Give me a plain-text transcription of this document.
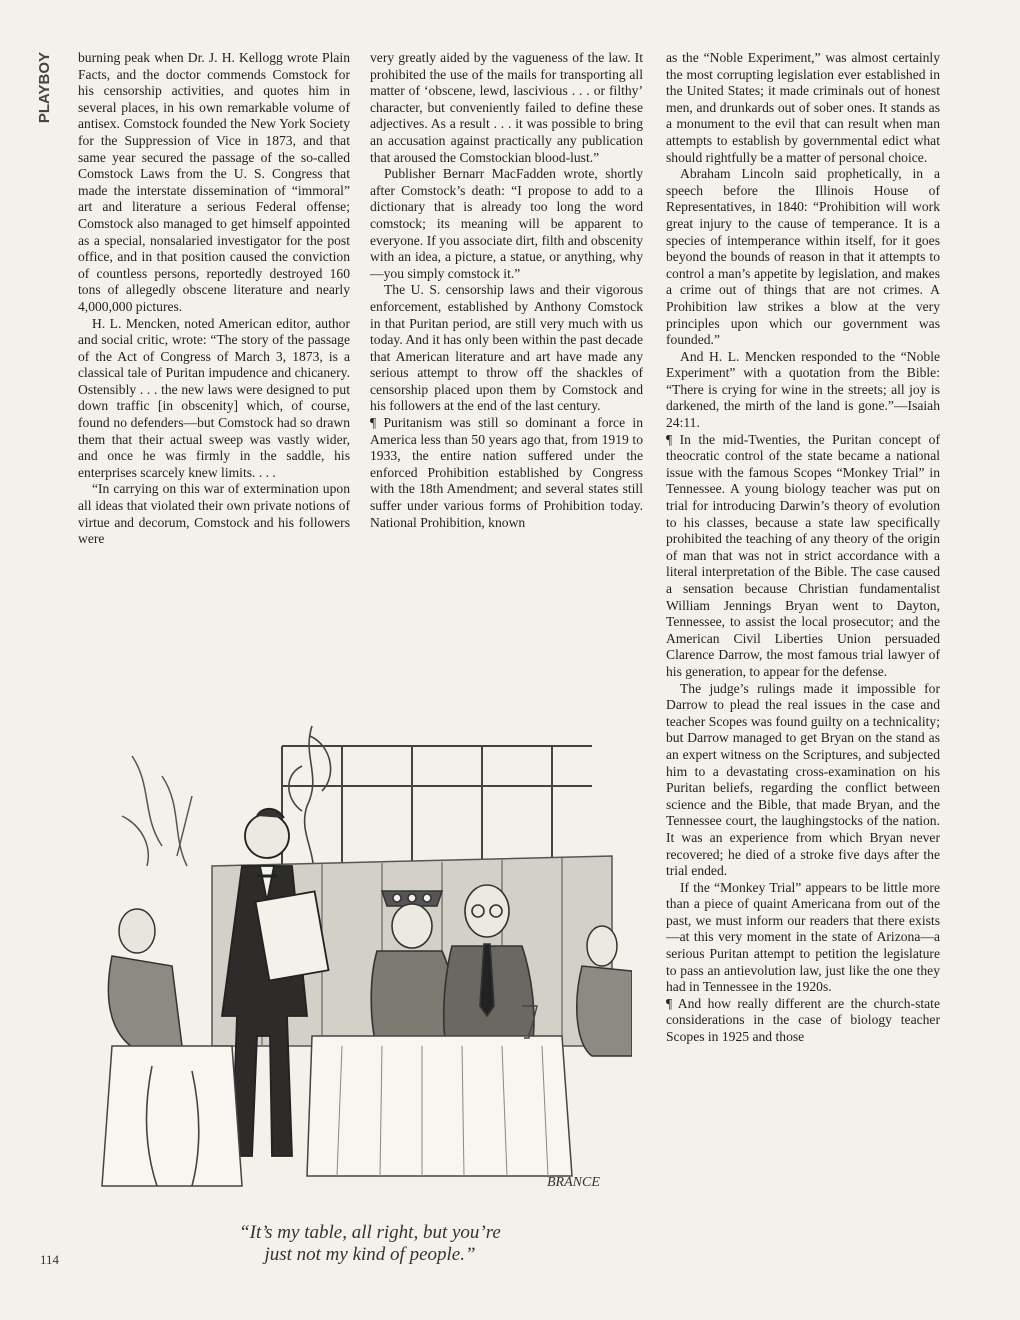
PLAYBOY burning peak when Dr. J. H. Kellogg wrote Plain Facts, and the doctor commends Comstock for his censorship activities, and quotes him in several places, in his own remarkable volume of antisex. Comstock founded the New York Society for the Suppression of Vice in 1873, and that same year secured the passage of the so-called Comstock Laws from the U. S. Congress that made the interstate dissemination of “immoral” art and literature a serious Federal offense; Comstock also managed to get himself appointed as a special, nonsalaried investigator for the post office, and in that position caused the conviction of countless persons, reportedly destroyed 160 tons of allegedly obscene literature and nearly 4,000,000 pictures.

H. L. Mencken, noted American editor, author and social critic, wrote: “The story of the passage of the Act of Congress of March 3, 1873, is a classical tale of Puritan impudence and chicanery. Ostensibly . . . the new laws were designed to put down traffic [in obscenity] which, of course, found no defenders—but Comstock had so drawn them that their actual sweep was vastly wider, and once he was firmly in the saddle, his enterprises scarcely knew limits. . . .

“In carrying on this war of extermination upon all ideas that violated their own private notions of virtue and decorum, Comstock and his followers were

very greatly aided by the vagueness of the law. It prohibited the use of the mails for transporting all matter of ‘obscene, lewd, lascivious . . . or filthy’ character, but conveniently failed to define these adjectives. As a result . . . it was possible to bring an accusation against practically any publication that aroused the Comstockian blood-lust.”

Publisher Bernarr MacFadden wrote, shortly after Comstock’s death: “I propose to add to a dictionary that is already too long the word comstock; its meaning will be apparent to everyone. If you associate dirt, filth and obscenity with an idea, a picture, a statue, or anything, why—you simply comstock it.”

The U. S. censorship laws and their vigorous enforcement, established by Anthony Comstock in that Puritan period, are still very much with us today. And it has only been within the past decade that American literature and art have made any serious attempt to throw off the shackles of censorship placed upon them by Comstock and his followers at the end of the last century.

¶ Puritanism was still so dominant a force in America less than 50 years ago that, from 1919 to 1933, the entire nation suffered under the enforced Prohibition established by Congress with the 18th Amendment; and several states still suffer under various forms of Prohibition today. National Prohibition, known

as the “Noble Experiment,” was almost certainly the most corrupting legislation ever established in the United States; it made criminals out of honest men, and drunkards out of sober ones. It stands as a monument to the evil that can result when man attempts to establish by governmental edict what should rightfully be a matter of personal choice.

Abraham Lincoln said prophetically, in a speech before the Illinois House of Representatives, in 1840: “Prohibition will work great injury to the cause of temperance. It is a species of intemperance within itself, for it goes beyond the bounds of reason in that it attempts to control a man’s appetite by legislation, and makes a crime out of things that are not crimes. A Prohibition law strikes a blow at the very principles upon which our government was founded.”

And H. L. Mencken responded to the “Noble Experiment” with a quotation from the Bible: “There is crying for wine in the streets; all joy is darkened, the mirth of the land is gone.”—Isaiah 24:11.

¶ In the mid-Twenties, the Puritan concept of theocratic control of the state became a national issue with the famous Scopes “Monkey Trial” in Tennessee. A young biology teacher was put on trial for introducing Darwin’s theory of evolution to his classes, because a state law specifically prohibited the teaching of any theory of the origin of man that was not in strict accordance with a literal interpretation of the Bible. The case caused a sensation because Christian fundamentalist William Jennings Bryan went to Dayton, Tennessee, to assist the local prosecutor; and the American Civil Liberties Union persuaded Clarence Darrow, the most famous trial lawyer of his generation, to appear for the defense.

The judge’s rulings made it impossible for Darrow to plead the real issues in the case and teacher Scopes was found guilty on a technicality; but Darrow managed to get Bryan on the stand as an expert witness on the Scriptures, and subjected him to a devastating cross-examination on his Puritan beliefs, regarding the conflict between science and the Bible, that made Bryan, and the Tennessee court, the laughingstocks of the nation. It was an experience from which Bryan never recovered; he died of a stroke five days after the trial ended.

If the “Monkey Trial” appears to be little more than a piece of quaint Americana from out of the past, we must inform our readers that there exists—at this very moment in the state of Arizona—a serious Puritan attempt to petition the legislature to pass an antievolution law, just like the one they had in Tennessee in the 1920s.

¶ And how really different are the church-state considerations in the case of biology teacher Scopes in 1925 and those

BRANCE
“It’s my table, all right, but you’re
just not my kind of people.”
114
